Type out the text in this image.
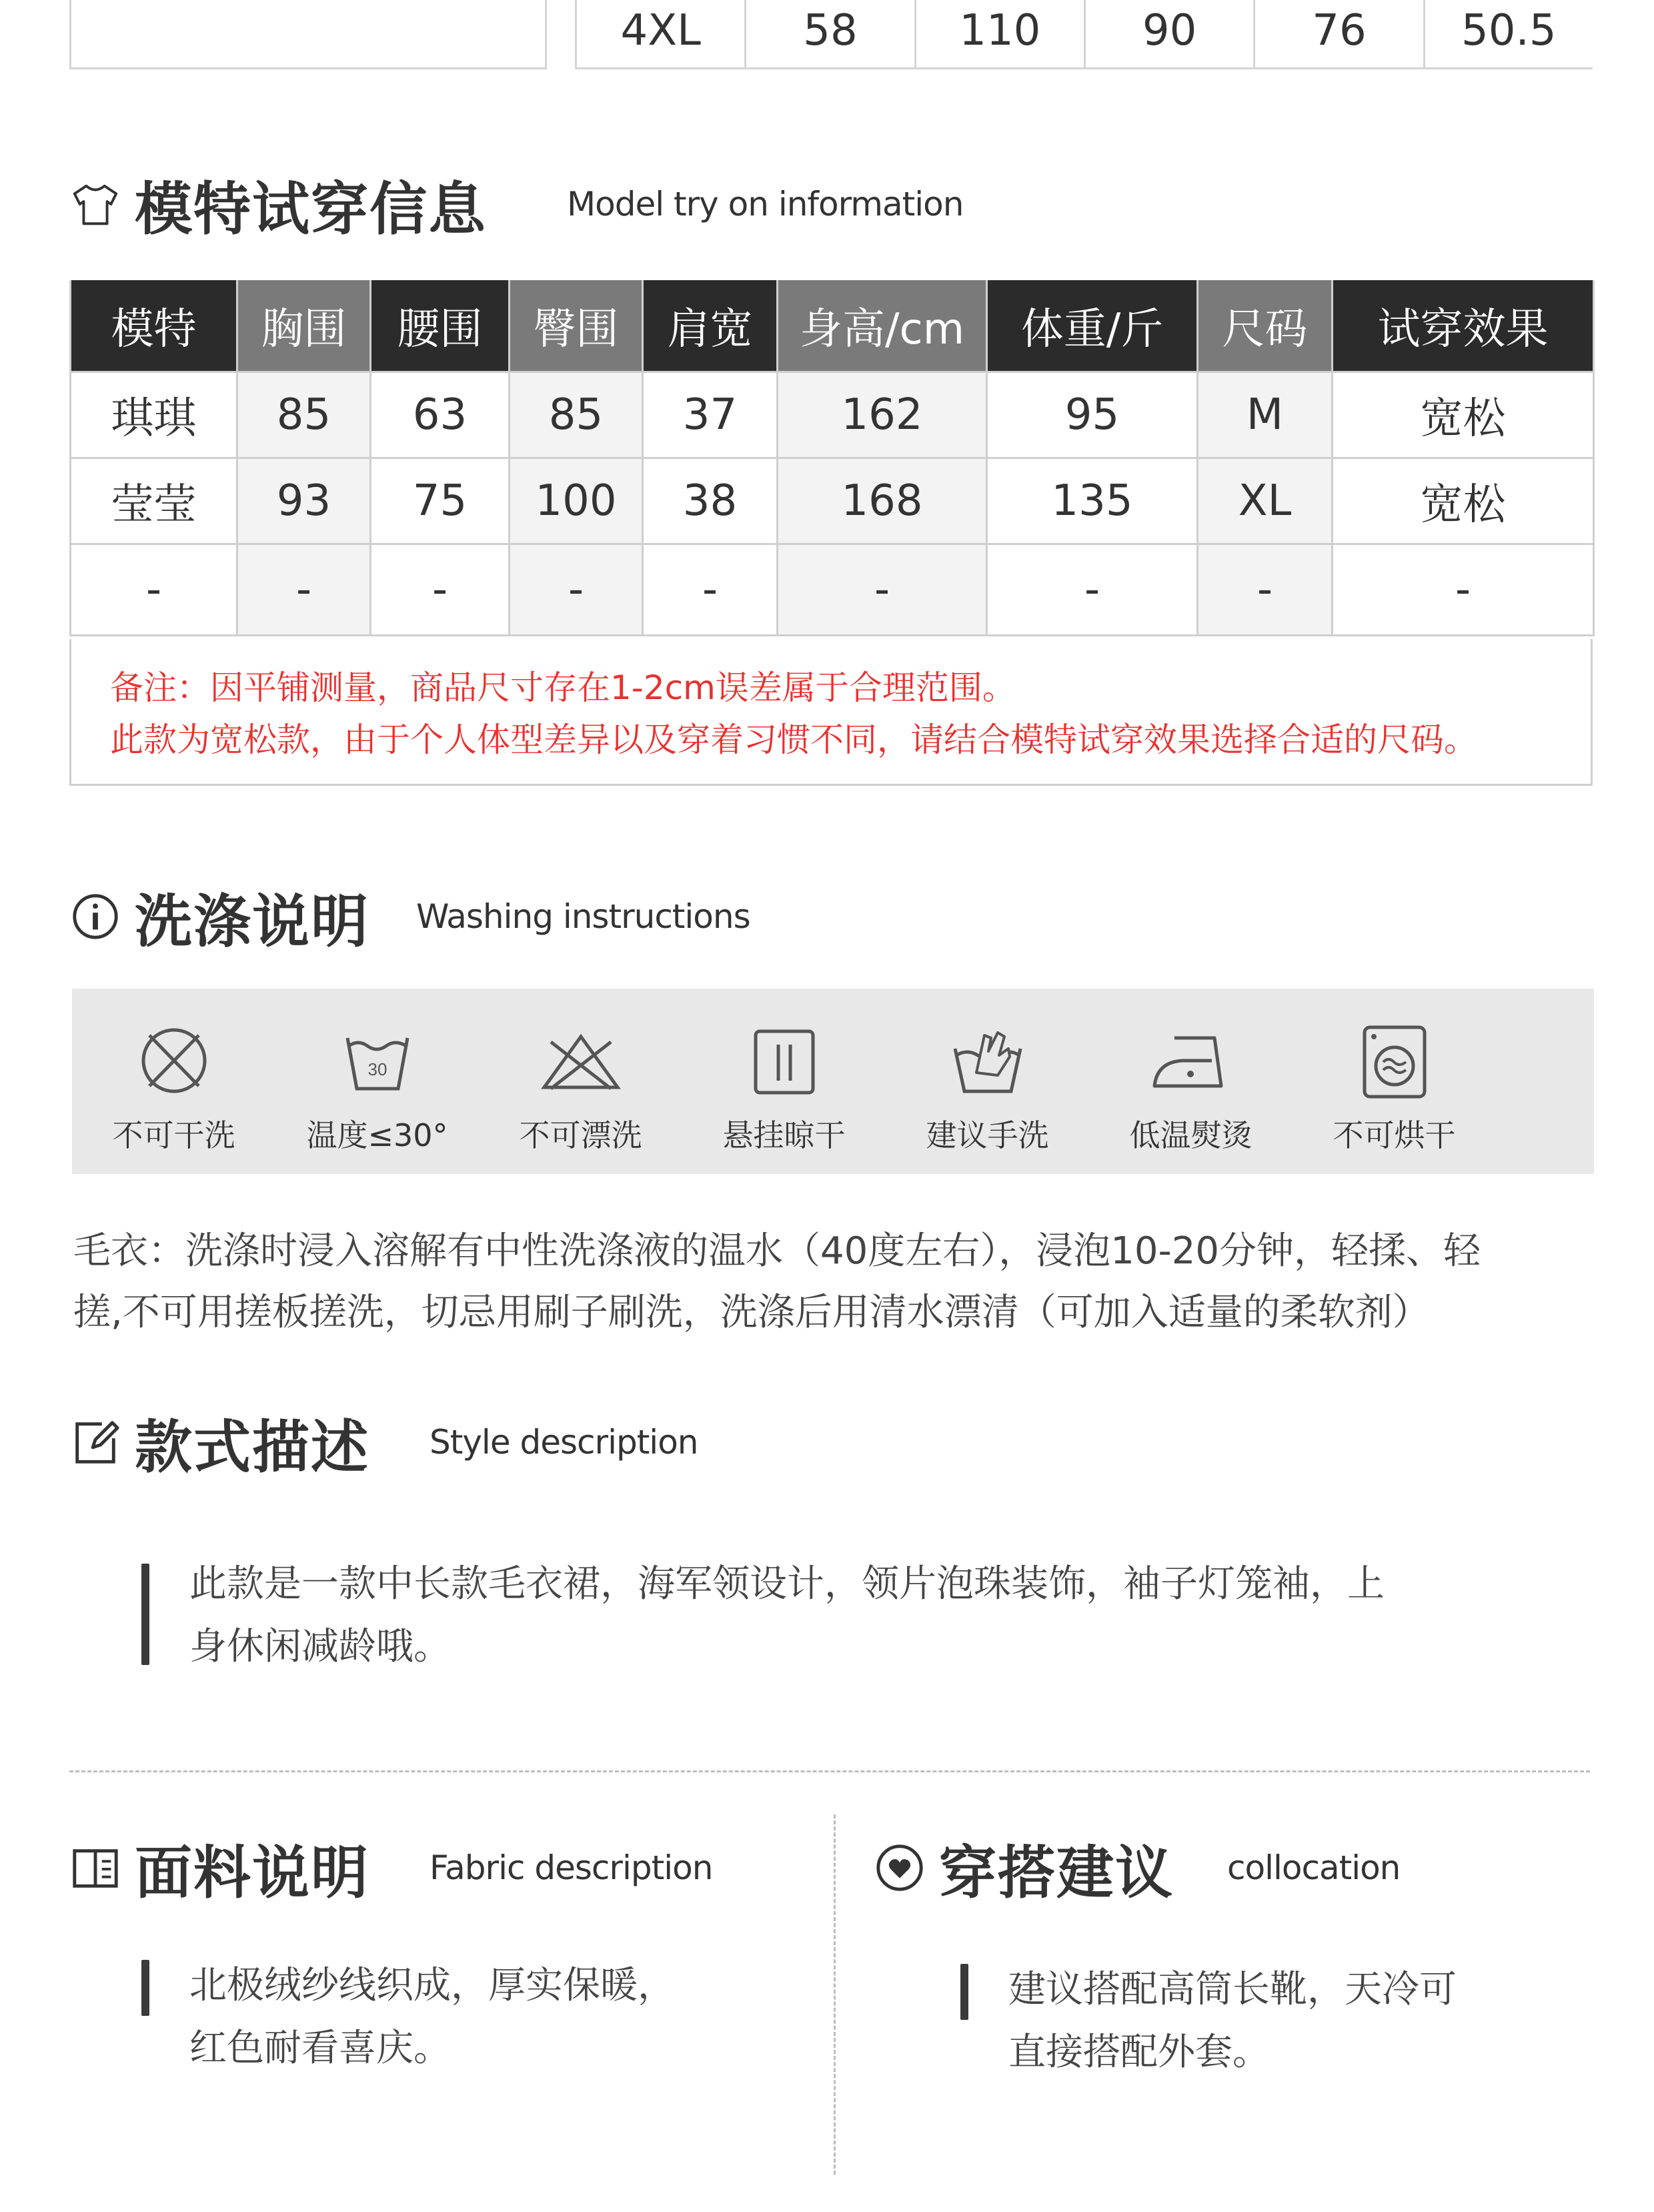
4XL	58	110	90	76	50.5
模特试穿信息 Model try on information
模特	胸围	腰围	臀围	肩宽	身高/cm	体重/斤	尺码	试穿效果
琪琪	85	63	85	37	162	95	M	宽松
莹莹	93	75	100	38	168	135	XL	宽松
-	-	-	-	-	-	-	-	-
备注：因平铺测量，商品尺寸存在1-2cm误差属于合理范围。
此款为宽松款，由于个人体型差异以及穿着习惯不同，请结合模特试穿效果选择合适的尺码。
洗涤说明 Washing instructions
不可干洗
30
温度≤30° 不可漂洗	悬挂晾干	建议手洗	低温熨烫	不可烘干
毛衣：洗涤时浸入溶解有中性洗涤液的温水（40度左右），浸泡10-20分钟，轻揉、轻
搓,不可用搓板搓洗，切忌用刷子刷洗，洗涤后用清水漂清（可加入适量的柔软剂）
款式描述 Style description
此款是一款中长款毛衣裙，海军领设计，领片泡珠装饰，袖子灯笼袖，上
身休闲减龄哦。
面料说明 Fabric description
北极绒纱线织成，厚实保暖，
红色耐看喜庆。
穿搭建议 collocation
建议搭配高筒长靴，天冷可
直接搭配外套。
